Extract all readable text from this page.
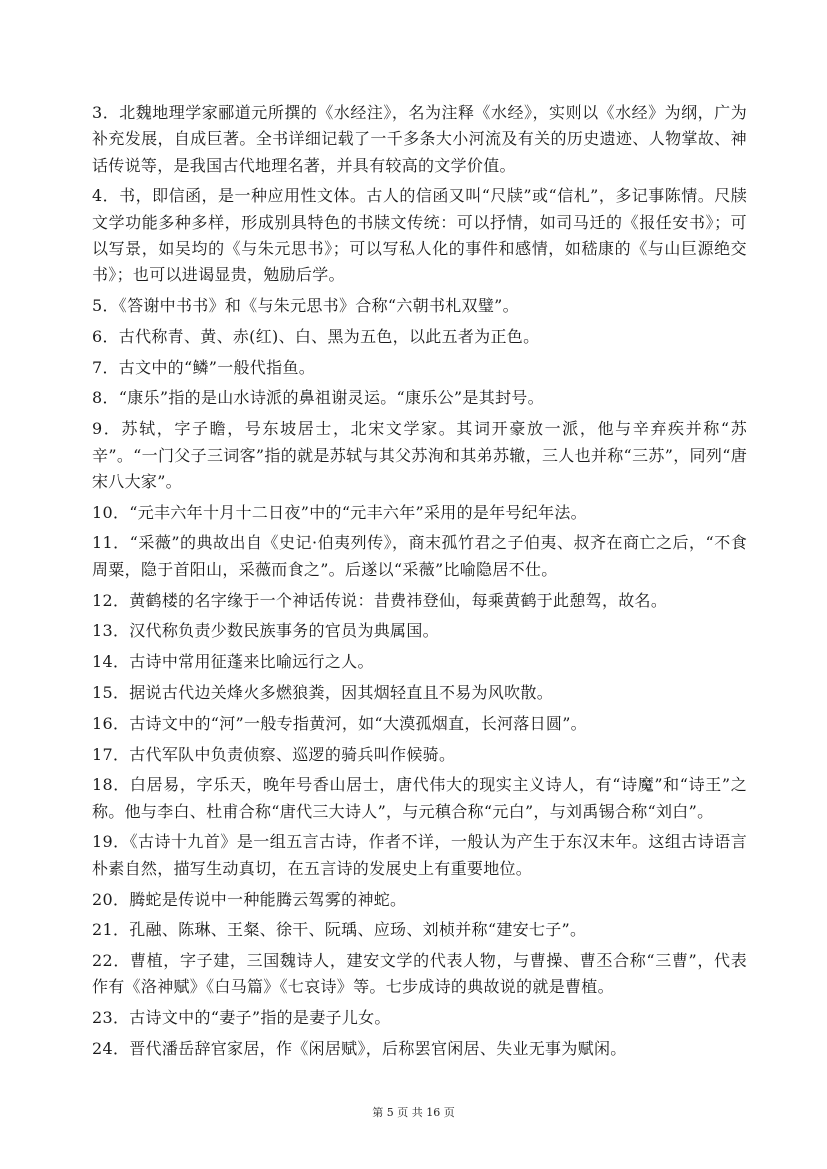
3．北魏地理学家郦道元所撰的《水经注》，名为注释《水经》，实则以《水经》为纲，广为补充发展，自成巨著。全书详细记载了一千多条大小河流及有关的历史遗迹、人物掌故、神话传说等，是我国古代地理名著，并具有较高的文学价值。

4．书，即信函，是一种应用性文体。古人的信函又叫“尺牍”或“信札”，多记事陈情。尺牍文学功能多种多样，形成别具特色的书牍文传统：可以抒情，如司马迁的《报任安书》；可以写景，如吴均的《与朱元思书》；可以写私人化的事件和感情，如嵇康的《与山巨源绝交书》；也可以进谒显贵，勉励后学。

5．《答谢中书书》和《与朱元思书》合称“六朝书札双璧”。

6．古代称青、黄、赤(红)、白、黑为五色，以此五者为正色。

7．古文中的“鳞”一般代指鱼。

8．“康乐”指的是山水诗派的鼻祖谢灵运。“康乐公”是其封号。

9．苏轼，字子瞻，号东坡居士，北宋文学家。其词开豪放一派，他与辛弃疾并称“苏辛”。“一门父子三词客”指的就是苏轼与其父苏洵和其弟苏辙，三人也并称“三苏”，同列“唐宋八大家”。

10．“元丰六年十月十二日夜”中的“元丰六年”采用的是年号纪年法。

11．“采薇”的典故出自《史记·伯夷列传》，商末孤竹君之子伯夷、叔齐在商亡之后，“不食周粟，隐于首阳山，采薇而食之”。后遂以“采薇”比喻隐居不仕。

12．黄鹤楼的名字缘于一个神话传说：昔费祎登仙，每乘黄鹤于此憩驾，故名。

13．汉代称负责少数民族事务的官员为典属国。

14．古诗中常用征蓬来比喻远行之人。

15．据说古代边关烽火多燃狼粪，因其烟轻直且不易为风吹散。

16．古诗文中的“河”一般专指黄河，如“大漠孤烟直，长河落日圆”。

17．古代军队中负责侦察、巡逻的骑兵叫作候骑。

18．白居易，字乐天，晚年号香山居士，唐代伟大的现实主义诗人，有“诗魔”和“诗王”之称。他与李白、杜甫合称“唐代三大诗人”，与元稹合称“元白”，与刘禹锡合称“刘白”。

19．《古诗十九首》是一组五言古诗，作者不详，一般认为产生于东汉末年。这组古诗语言朴素自然，描写生动真切，在五言诗的发展史上有重要地位。

20．腾蛇是传说中一种能腾云驾雾的神蛇。

21．孔融、陈琳、王粲、徐干、阮瑀、应玚、刘桢并称“建安七子”。

22．曹植，字子建，三国魏诗人，建安文学的代表人物，与曹操、曹丕合称“三曹”，代表作有《洛神赋》《白马篇》《七哀诗》等。七步成诗的典故说的就是曹植。

23．古诗文中的“妻子”指的是妻子儿女。

24．晋代潘岳辞官家居，作《闲居赋》，后称罢官闲居、失业无事为赋闲。

第 5 页 共 16 页
